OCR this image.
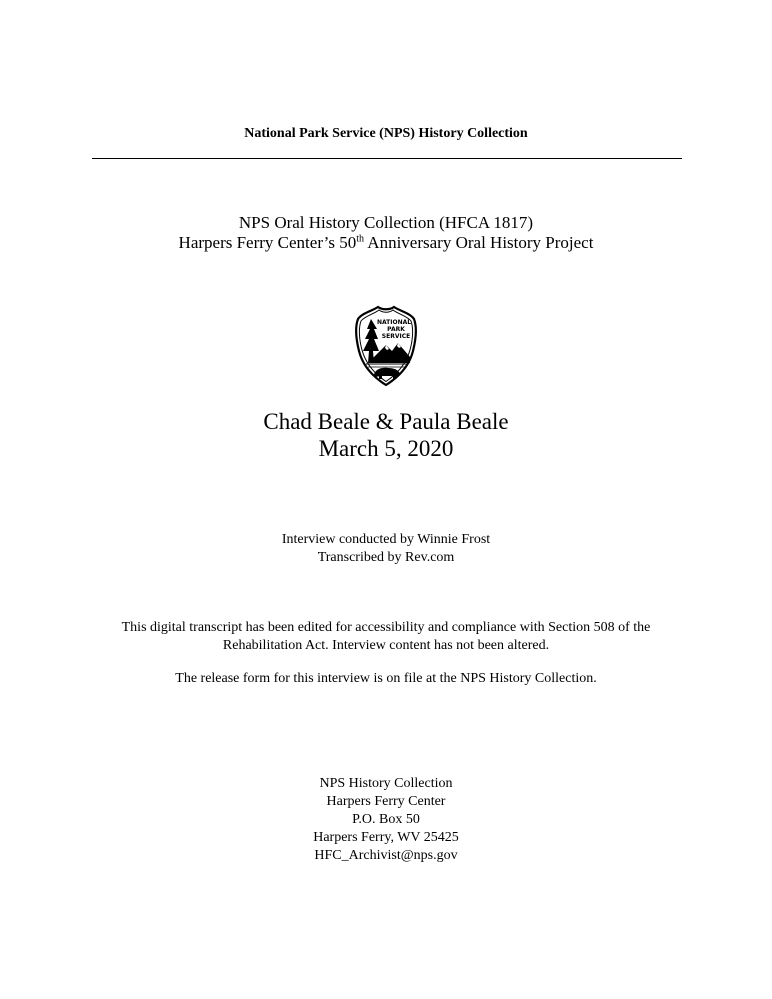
National Park Service (NPS) History Collection
NPS Oral History Collection (HFCA 1817)
Harpers Ferry Center’s 50th Anniversary Oral History Project
NATIONAL
PARK
SERVICE
Chad Beale & Paula Beale
March 5, 2020
Interview conducted by Winnie Frost
Transcribed by Rev.com
This digital transcript has been edited for accessibility and compliance with Section 508 of the
Rehabilitation Act. Interview content has not been altered.
The release form for this interview is on file at the NPS History Collection.
NPS History Collection
Harpers Ferry Center
P.O. Box 50
Harpers Ferry, WV 25425
HFC_Archivist@nps.gov
